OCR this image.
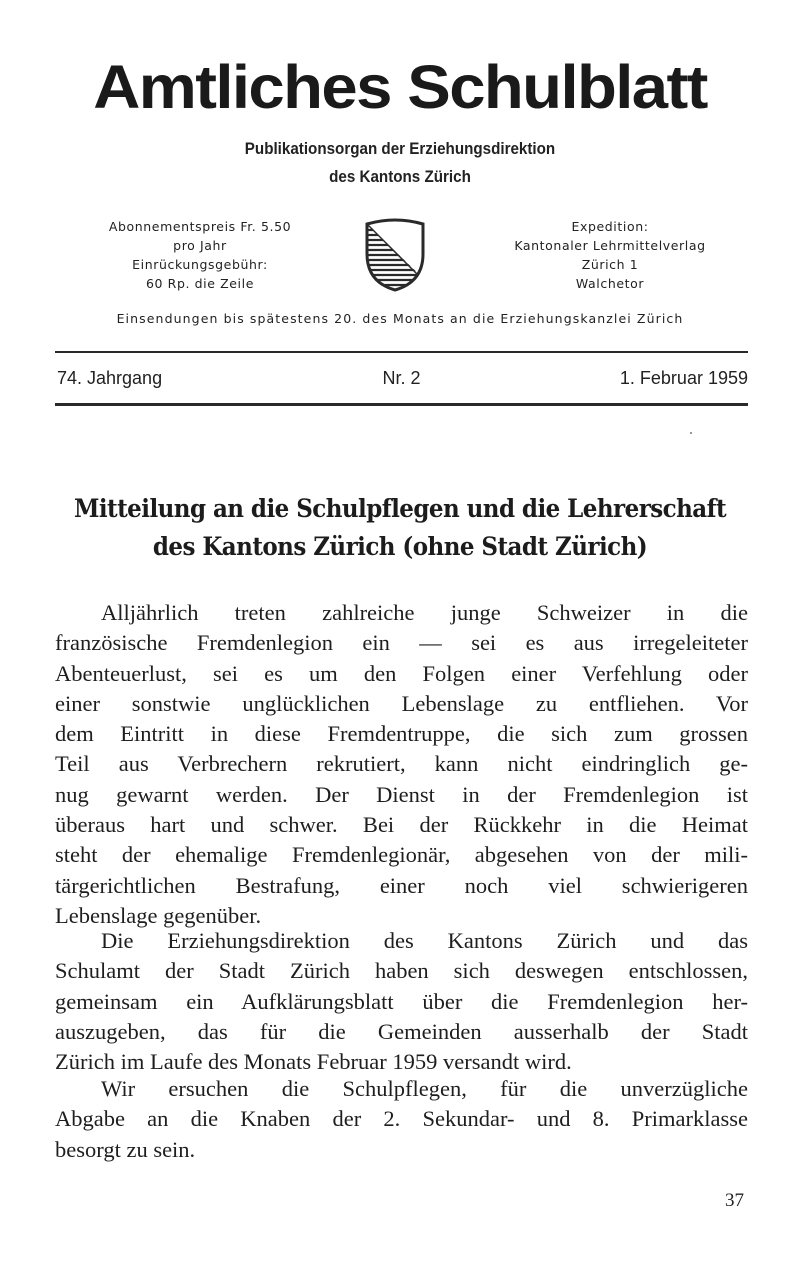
Amtliches Schulblatt
Publikationsorgan der Erziehungsdirektion
des Kantons Zürich
Abonnementspreis Fr. 5.50
pro Jahr
Einrückungsgebühr:
60 Rp. die Zeile
Expedition:
Kantonaler Lehrmittelverlag
Zürich 1
Walchetor
Einsendungen bis spätestens 20. des Monats an die Erziehungskanzlei Zürich
74. Jahrgang	Nr. 2	1. Februar 1959
Mitteilung an die Schulpflegen und die Lehrerschaft
des Kantons Zürich (ohne Stadt Zürich)
Alljährlich treten zahlreiche junge Schweizer in die
französische Fremdenlegion ein — sei es aus irregeleiteter
Abenteuerlust, sei es um den Folgen einer Verfehlung oder
einer sonstwie unglücklichen Lebenslage zu entfliehen. Vor
dem Eintritt in diese Fremdentruppe, die sich zum grossen
Teil aus Verbrechern rekrutiert, kann nicht eindringlich ge-
nug gewarnt werden. Der Dienst in der Fremdenlegion ist
überaus hart und schwer. Bei der Rückkehr in die Heimat
steht der ehemalige Fremdenlegionär, abgesehen von der mili-
tärgerichtlichen Bestrafung, einer noch viel schwierigeren
Lebenslage gegenüber.
Die Erziehungsdirektion des Kantons Zürich und das
Schulamt der Stadt Zürich haben sich deswegen entschlossen,
gemeinsam ein Aufklärungsblatt über die Fremdenlegion her-
auszugeben, das für die Gemeinden ausserhalb der Stadt
Zürich im Laufe des Monats Februar 1959 versandt wird.
Wir ersuchen die Schulpflegen, für die unverzügliche
Abgabe an die Knaben der 2. Sekundar- und 8. Primarklasse
besorgt zu sein.
37
